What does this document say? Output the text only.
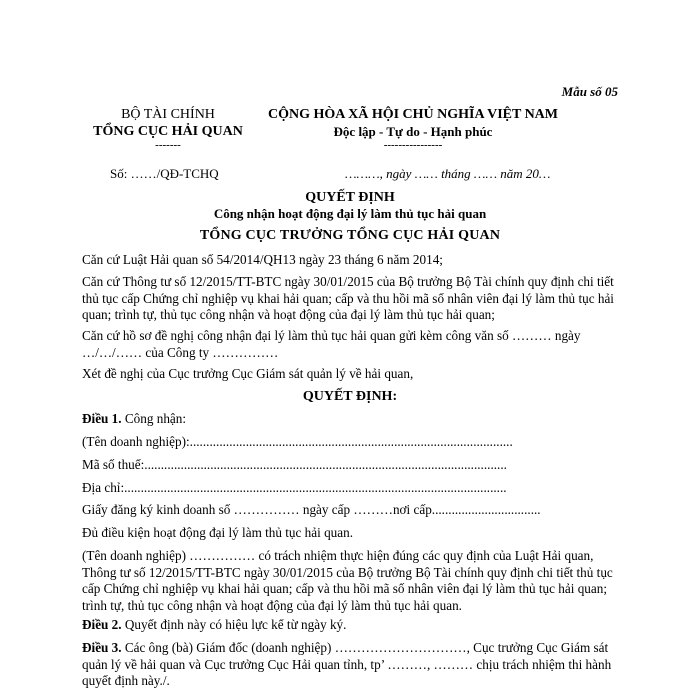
Mẫu số 05
BỘ TÀI CHÍNH
TỔNG CỤC HẢI QUAN
-------
CỘNG HÒA XÃ HỘI CHỦ NGHĨA VIỆT NAM
Độc lập - Tự do - Hạnh phúc
----------------
Số: ……/QĐ-TCHQ	………, ngày …… tháng …… năm 20…
QUYẾT ĐỊNH
Công nhận hoạt động đại lý làm thủ tục hải quan
TỔNG CỤC TRƯỞNG TỔNG CỤC HẢI QUAN
Căn cứ Luật Hải quan số 54/2014/QH13 ngày 23 tháng 6 năm 2014;
Căn cứ Thông tư số 12/2015/TT-BTC ngày 30/01/2015 của Bộ trưởng Bộ Tài chính quy định chi tiết thủ tục cấp Chứng chỉ nghiệp vụ khai hải quan; cấp và thu hồi mã số nhân viên đại lý làm thủ tục hải quan; trình tự, thủ tục công nhận và hoạt động của đại lý làm thủ tục hải quan;
Căn cứ hồ sơ đề nghị công nhận đại lý làm thủ tục hải quan gửi kèm công văn số ……… ngày …/…/…… của Công ty ……………
Xét đề nghị của Cục trưởng Cục Giám sát quản lý về hải quan,
QUYẾT ĐỊNH:
Điều 1. Công nhận:
(Tên doanh nghiệp):..................................................................................................
Mã số thuế:..............................................................................................................
Địa chỉ:....................................................................................................................
Giấy đăng ký kinh doanh số …………… ngày cấp ………nơi cấp.................................
Đủ điều kiện hoạt động đại lý làm thủ tục hải quan.
(Tên doanh nghiệp) …………… có trách nhiệm thực hiện đúng các quy định của Luật Hải quan, Thông tư số 12/2015/TT-BTC ngày 30/01/2015 của Bộ trưởng Bộ Tài chính quy định chi tiết thủ tục cấp Chứng chỉ nghiệp vụ khai hải quan; cấp và thu hồi mã số nhân viên đại lý làm thủ tục hải quan; trình tự, thủ tục công nhận và hoạt động của đại lý làm thủ tục hải quan.
Điều 2. Quyết định này có hiệu lực kể từ ngày ký.
Điều 3. Các ông (bà) Giám đốc (doanh nghiệp) …………………………, Cục trưởng Cục Giám sát quản lý về hải quan và Cục trưởng Cục Hải quan tỉnh, tp’ ………, ……… chịu trách nhiệm thi hành quyết định này./.
